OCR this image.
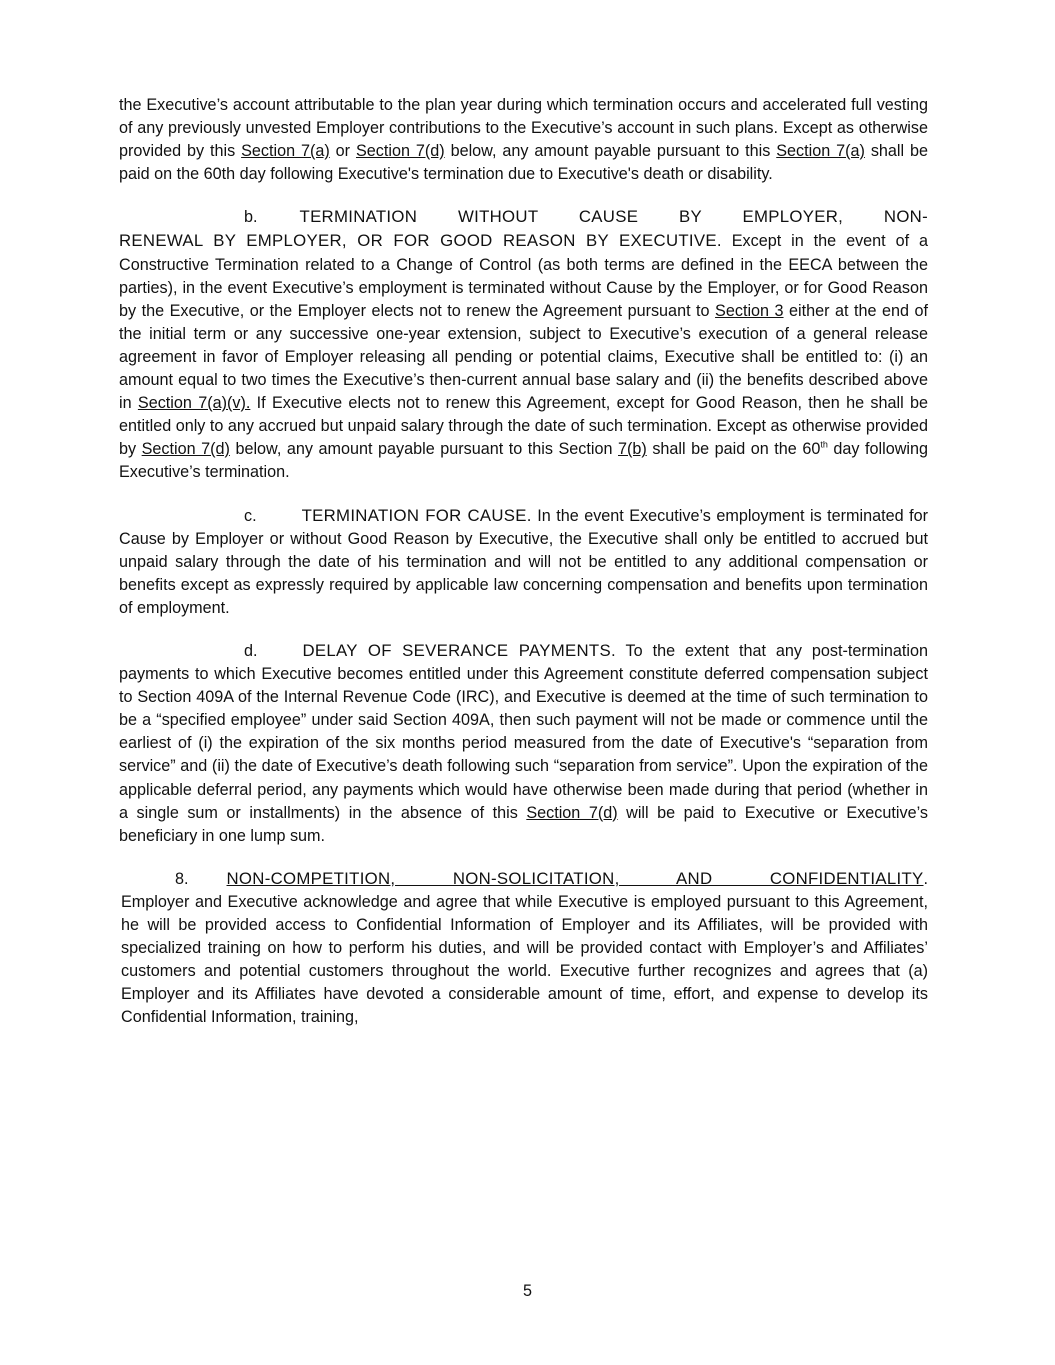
the Executive’s account attributable to the plan year during which termination occurs and accelerated full vesting of any previously unvested Employer contributions to the Executive’s account in such plans. Except as otherwise provided by this Section 7(a) or Section 7(d) below, any amount payable pursuant to this Section 7(a) shall be paid on the 60th day following Executive's termination due to Executive's death or disability.

b.	TERMINATION WITHOUT CAUSE BY EMPLOYER, NON-

RENEWAL BY EMPLOYER, OR FOR GOOD REASON BY EXECUTIVE. Except in the event of a Constructive Termination related to a Change of Control (as both terms are defined in the EECA between the parties), in the event Executive’s employment is terminated without Cause by the Employer, or for Good Reason by the Executive, or the Employer elects not to renew the Agreement pursuant to Section 3 either at the end of the initial term or any successive one-year extension, subject to Executive’s execution of a general release agreement in favor of Employer releasing all pending or potential claims, Executive shall be entitled to: (i) an amount equal to two times the Executive’s then-current annual base salary and (ii) the benefits described above in Section 7(a)(v). If Executive elects not to renew this Agreement, except for Good Reason, then he shall be entitled only to any accrued but unpaid salary through the date of such termination. Except as otherwise provided by Section 7(d) below, any amount payable pursuant to this Section 7(b) shall be paid on the 60th day following Executive’s termination.

c.	TERMINATION FOR CAUSE. In the event Executive’s employment is terminated for Cause by Employer or without Good Reason by Executive, the Executive shall only be entitled to accrued but unpaid salary through the date of his termination and will not be entitled to any additional compensation or benefits except as expressly required by applicable law concerning compensation and benefits upon termination of employment.

d.	DELAY OF SEVERANCE PAYMENTS. To the extent that any post-termination payments to which Executive becomes entitled under this Agreement constitute deferred compensation subject to Section 409A of the Internal Revenue Code (IRC), and Executive is deemed at the time of such termination to be a “specified employee” under said Section 409A, then such payment will not be made or commence until the earliest of (i) the expiration of the six months period measured from the date of Executive's “separation from service” and (ii) the date of Executive’s death following such “separation from service”. Upon the expiration of the applicable deferral period, any payments which would have otherwise been made during that period (whether in a single sum or installments) in the absence of this Section 7(d) will be paid to Executive or Executive’s beneficiary in one lump sum.

8. NON-COMPETITION, NON-SOLICITATION, AND CONFIDENTIALITY.

Employer and Executive acknowledge and agree that while Executive is employed pursuant to this Agreement, he will be provided access to Confidential Information of Employer and its Affiliates, will be provided with specialized training on how to perform his duties, and will be provided contact with Employer’s and Affiliates’ customers and potential customers throughout the world. Executive further recognizes and agrees that (a) Employer and its Affiliates have devoted a considerable amount of time, effort, and expense to develop its Confidential Information, training,

5
